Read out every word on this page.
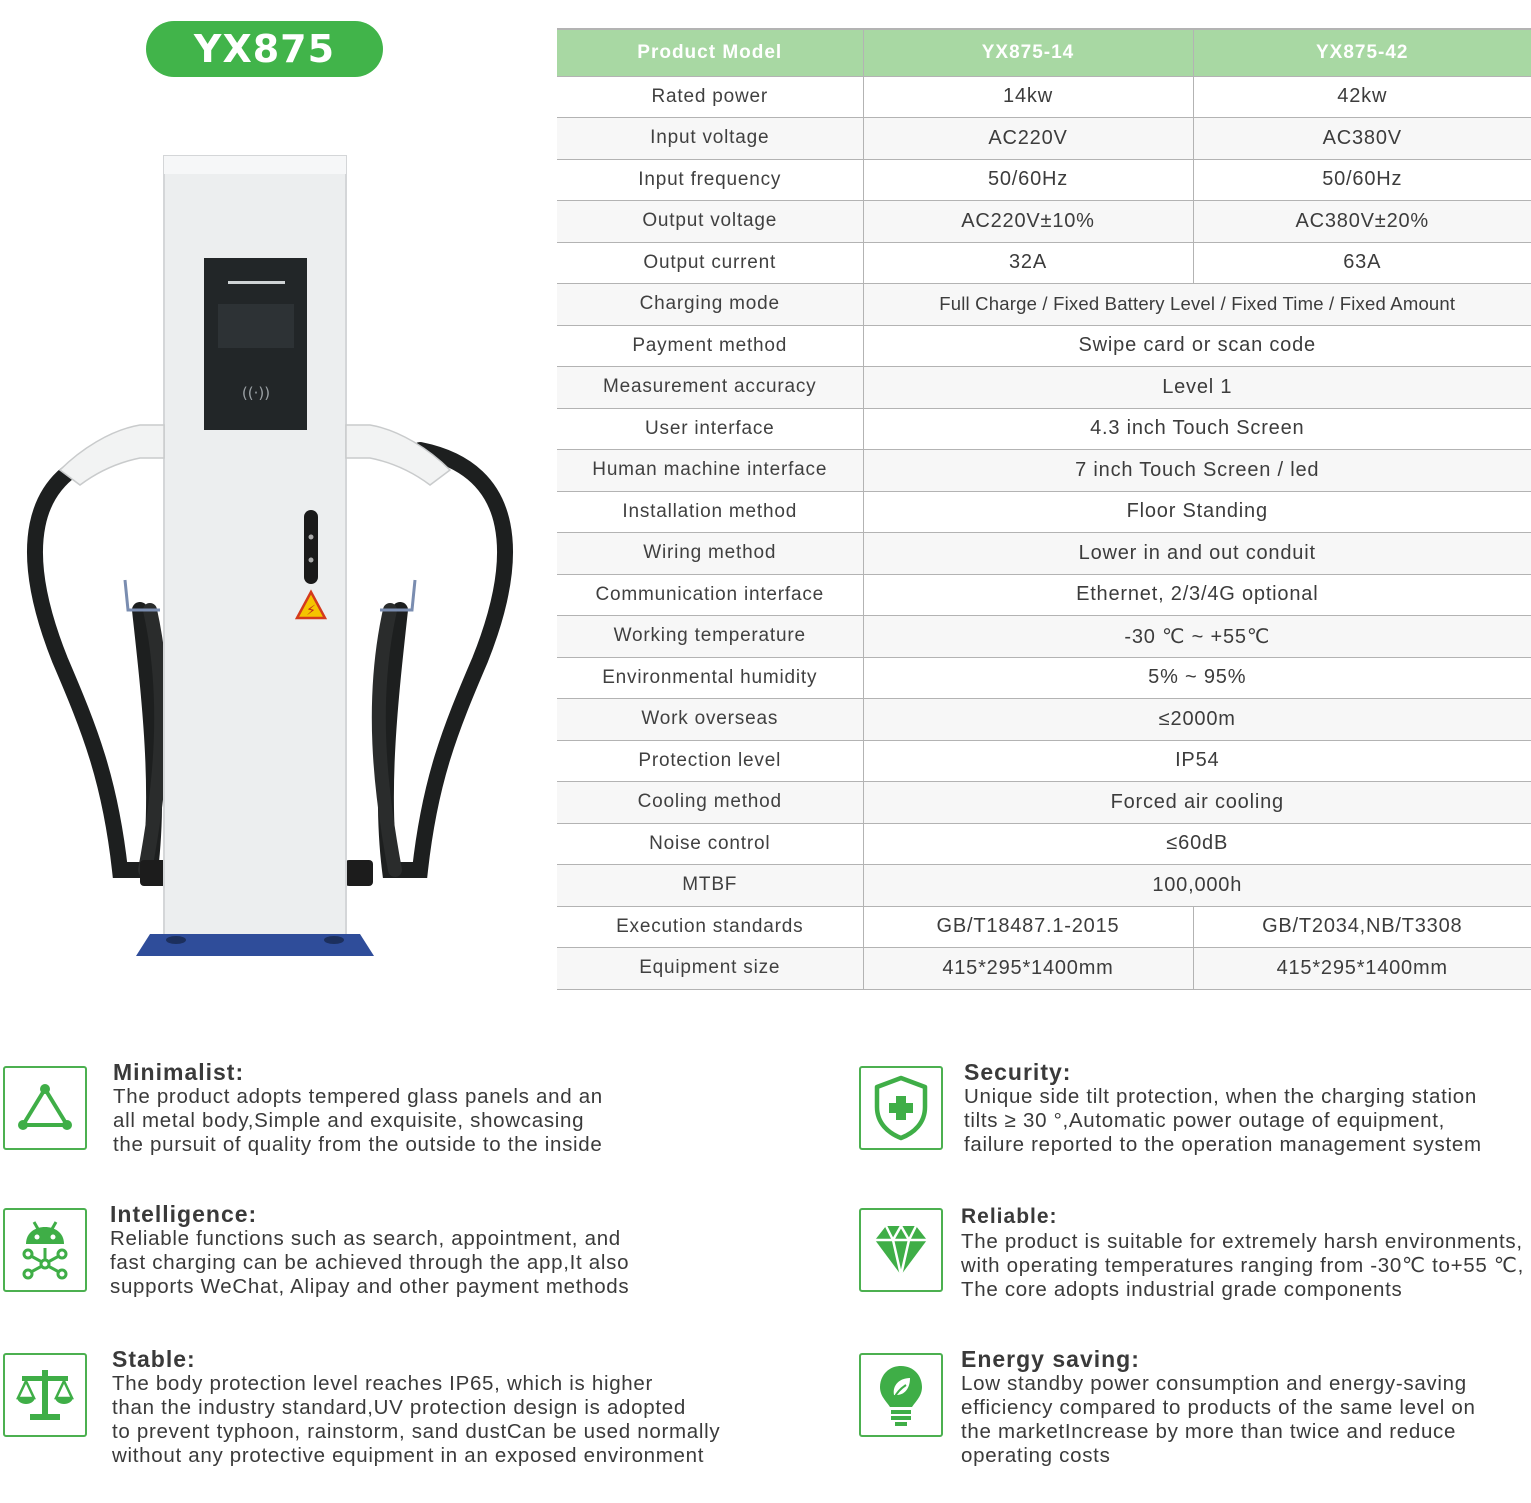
YX875
((·))
⚡
Product Model	YX875-14	YX875-42
Rated power	14kw	42kw
Input voltage	AC220V	AC380V
Input frequency	50/60Hz	50/60Hz
Output voltage	AC220V±10%	AC380V±20%
Output current	32A	63A
Charging mode	Full Charge / Fixed Battery Level / Fixed Time / Fixed Amount	
Payment method	Swipe card or scan code	
Measurement accuracy	Level 1	
User interface	4.3 inch Touch Screen	
Human machine interface	7 inch Touch Screen / led	
Installation method	Floor Standing	
Wiring method	Lower in and out conduit	
Communication interface	Ethernet, 2/3/4G optional	
Working temperature	-30 ℃ ~ +55℃	
Environmental humidity	5% ~ 95%	
Work overseas	≤2000m	
Protection level	IP54	
Cooling method	Forced air cooling	
Noise control	≤60dB	
MTBF	100,000h	
Execution standards	GB/T18487.1-2015	GB/T2034,NB/T3308
Equipment size	415*295*1400mm	415*295*1400mm
Minimalist:
The product adopts tempered glass panels and an
all metal body,Simple and exquisite, showcasing
the pursuit of quality from the outside to the inside
Security:
Unique side tilt protection, when the charging station
tilts ≥ 30 °,Automatic power outage of equipment,
failure reported to the operation management system
Intelligence:
Reliable functions such as search, appointment, and
fast charging can be achieved through the app,It also
supports WeChat, Alipay and other payment methods
Reliable:
The product is suitable for extremely harsh environments,
with operating temperatures ranging from -30℃ to+55 ℃,
The core adopts industrial grade components
Stable:
The body protection level reaches IP65, which is higher
than the industry standard,UV protection design is adopted
to prevent typhoon, rainstorm, sand dustCan be used normally
without any protective equipment in an exposed environment
Energy saving:
Low standby power consumption and energy-saving
efficiency compared to products of the same level on
the marketIncrease by more than twice and reduce
operating costs
